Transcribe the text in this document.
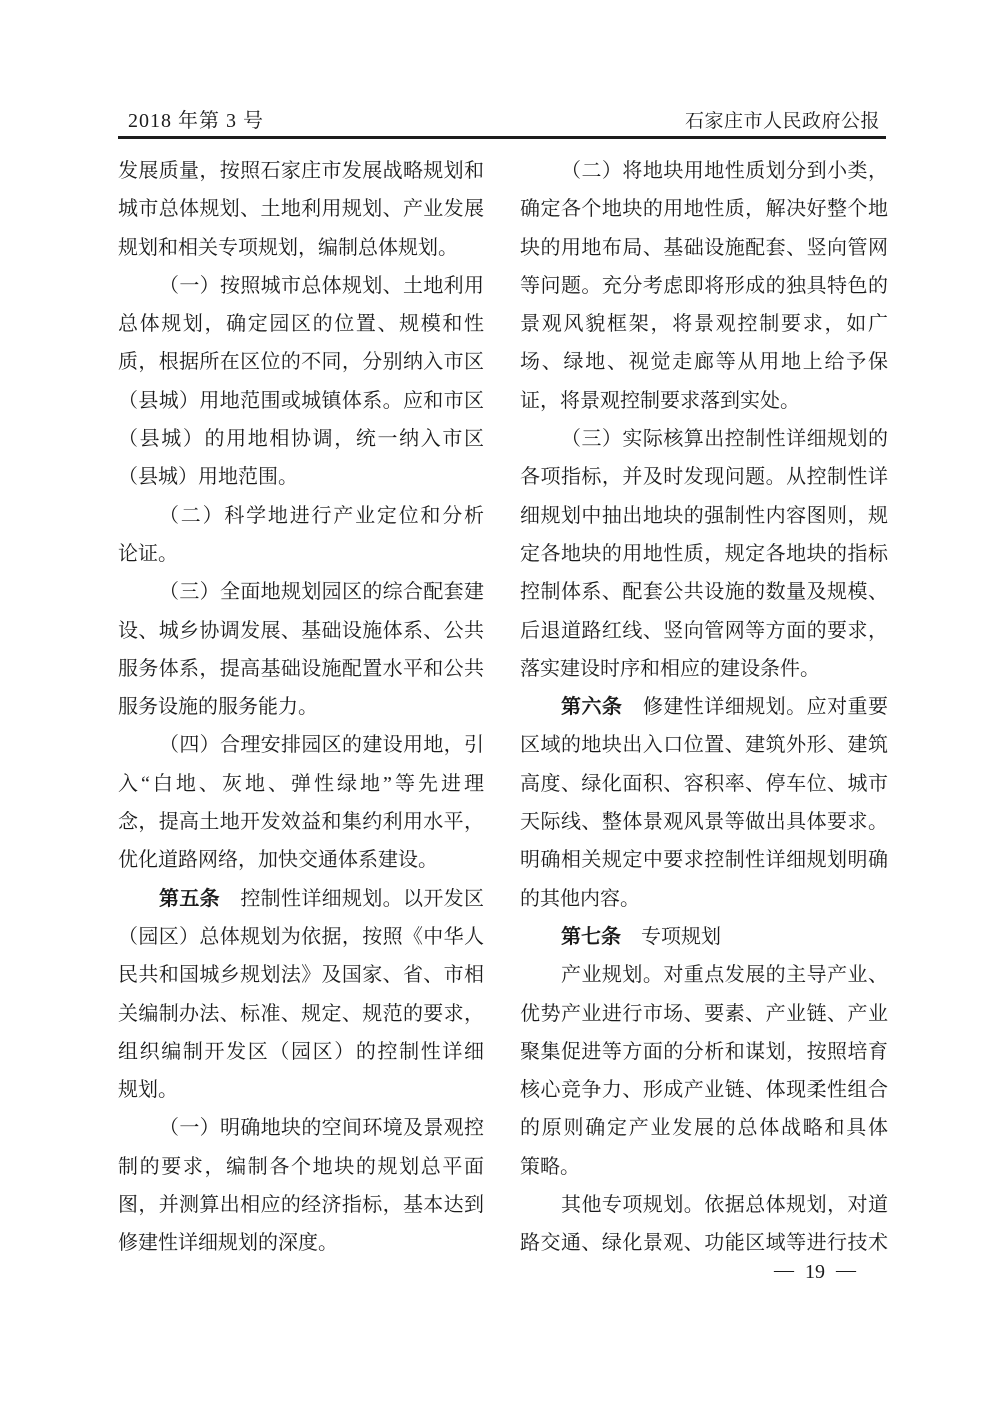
2018 年第 3 号	石家庄市人民政府公报
发展质量，按照石家庄市发展战略规划和
城市总体规划、土地利用规划、产业发展
规划和相关专项规划，编制总体规划。
（一）按照城市总体规划、土地利用
总体规划，确定园区的位置、规模和性
质，根据所在区位的不同，分别纳入市区
（县城）用地范围或城镇体系。应和市区
（县城）的用地相协调，统一纳入市区
（县城）用地范围。
（二）科学地进行产业定位和分析
论证。
（三）全面地规划园区的综合配套建
设、城乡协调发展、基础设施体系、公共
服务体系，提高基础设施配置水平和公共
服务设施的服务能力。
（四）合理安排园区的建设用地，引
入“白地、灰地、弹性绿地”等先进理
念，提高土地开发效益和集约利用水平，
优化道路网络，加快交通体系建设。
第五条　控制性详细规划。以开发区
（园区）总体规划为依据，按照《中华人
民共和国城乡规划法》及国家、省、市相
关编制办法、标准、规定、规范的要求，
组织编制开发区（园区）的控制性详细
规划。
（一）明确地块的空间环境及景观控
制的要求，编制各个地块的规划总平面
图，并测算出相应的经济指标，基本达到
修建性详细规划的深度。
（二）将地块用地性质划分到小类，
确定各个地块的用地性质，解决好整个地
块的用地布局、基础设施配套、竖向管网
等问题。充分考虑即将形成的独具特色的
景观风貌框架，将景观控制要求，如广
场、绿地、视觉走廊等从用地上给予保
证，将景观控制要求落到实处。
（三）实际核算出控制性详细规划的
各项指标，并及时发现问题。从控制性详
细规划中抽出地块的强制性内容图则，规
定各地块的用地性质，规定各地块的指标
控制体系、配套公共设施的数量及规模、
后退道路红线、竖向管网等方面的要求，
落实建设时序和相应的建设条件。
第六条　修建性详细规划。应对重要
区域的地块出入口位置、建筑外形、建筑
高度、绿化面积、容积率、停车位、城市
天际线、整体景观风景等做出具体要求。
明确相关规定中要求控制性详细规划明确
的其他内容。
第七条　专项规划
产业规划。对重点发展的主导产业、
优势产业进行市场、要素、产业链、产业
聚集促进等方面的分析和谋划，按照培育
核心竞争力、形成产业链、体现柔性组合
的原则确定产业发展的总体战略和具体
策略。
其他专项规划。依据总体规划，对道
路交通、绿化景观、功能区域等进行技术
— 19 —
